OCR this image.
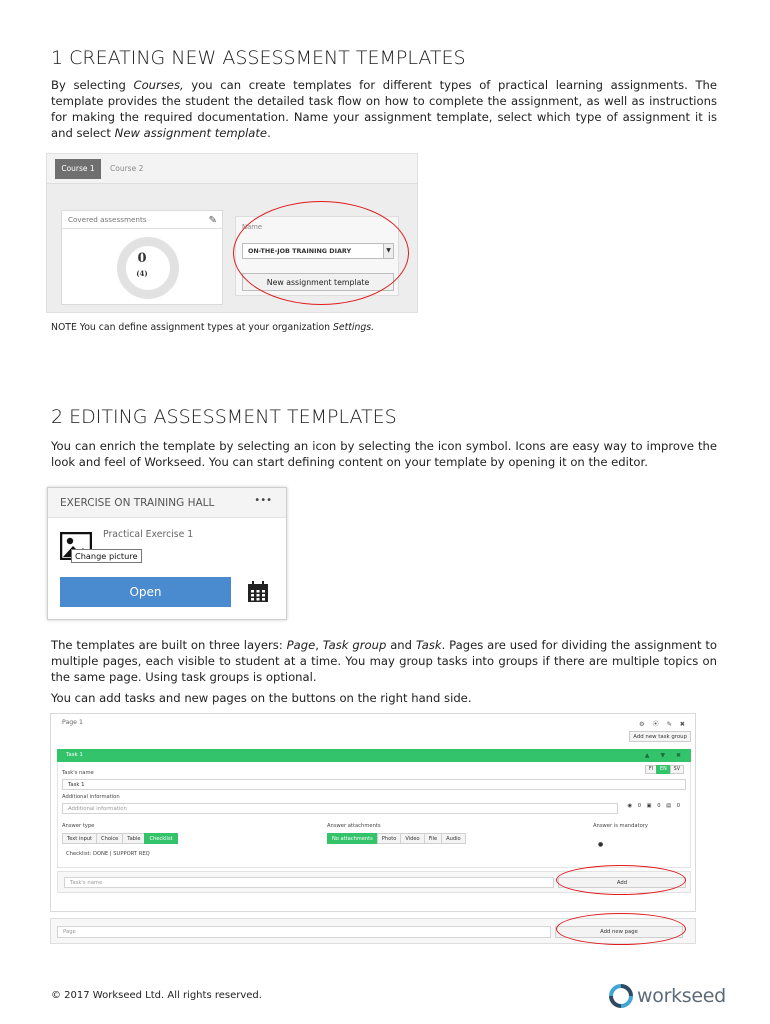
1 CREATING NEW ASSESSMENT TEMPLATES
By selecting Courses, you can create templates for different types of practical learning assignments. The template provides the student the detailed task flow on how to complete the assignment, as well as instructions for making the required documentation. Name your assignment template, select which type of assignment it is and select New assignment template.
Course 1	Course 2
Covered assessments	✎
0
(4)
Name
ON-THE-JOB TRAINING DIARY	▼
New assignment template
NOTE You can define assignment types at your organization Settings.
2 EDITING ASSESSMENT TEMPLATES
You can enrich the template by selecting an icon by selecting the icon symbol. Icons are easy way to improve the look and feel of Workseed. You can start defining content on your template by opening it on the editor.
EXERCISE ON TRAINING HALL	•••
Change picture
Practical Exercise 1
Open
The templates are built on three layers: Page, Task group and Task. Pages are used for dividing the assignment to multiple pages, each visible to student at a time. You may group tasks into groups if there are multiple topics on the same page. Using task groups is optional.
You can add tasks and new pages on the buttons on the right hand side.
Page 1	⚙ ⦿ ✎ ✖
Add new task group
Task 1	▲ ▼ ✖
FI	EN	SV
Task's name
Task 1
Additional information
Additional information	◉ 0 ▣ 0 ▤ 0
Answer type
Text input	Choice	Table	Checklist
Answer attachments
No attachments	Photo	Video	File	Audio
Answer is mandatory
●
Checklist: DONE | SUPPORT REQ
Task's name	Add
Page	Add new page
© 2017 Workseed Ltd. All rights reserved.	workseed
